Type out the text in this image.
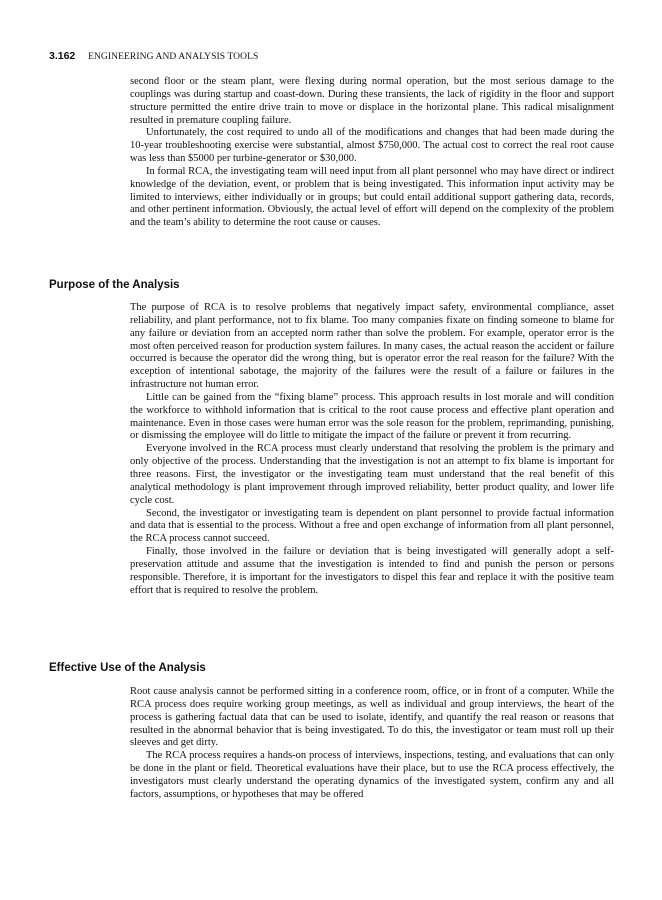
3.162 ENGINEERING AND ANALYSIS TOOLS

second floor or the steam plant, were flexing during normal operation, but the most serious damage to the couplings was during startup and coast-down. During these transients, the lack of rigidity in the floor and support structure permitted the entire drive train to move or displace in the horizontal plane. This radical misalignment resulted in premature coupling failure.

Unfortunately, the cost required to undo all of the modifications and changes that had been made during the 10-year troubleshooting exercise were substantial, almost $750,000. The actual cost to correct the real root cause was less than $5000 per turbine-generator or $30,000.

In formal RCA, the investigating team will need input from all plant personnel who may have direct or indirect knowledge of the deviation, event, or problem that is being investigated. This information input activity may be limited to interviews, either individually or in groups; but could entail additional support gathering data, records, and other pertinent information. Obviously, the actual level of effort will depend on the complexity of the problem and the team’s ability to determine the root cause or causes.

Purpose of the Analysis

The purpose of RCA is to resolve problems that negatively impact safety, environmental compliance, asset reliability, and plant performance, not to fix blame. Too many companies fixate on finding someone to blame for any failure or deviation from an accepted norm rather than solve the problem. For example, operator error is the most often perceived reason for production system failures. In many cases, the actual reason the accident or failure occurred is because the operator did the wrong thing, but is operator error the real reason for the failure? With the exception of intentional sabotage, the majority of the failures were the result of a failure or failures in the infrastructure not human error.

Little can be gained from the “fixing blame” process. This approach results in lost morale and will condition the workforce to withhold information that is critical to the root cause process and effective plant operation and maintenance. Even in those cases were human error was the sole reason for the problem, reprimanding, punishing, or dismissing the employee will do little to mitigate the impact of the failure or prevent it from recurring.

Everyone involved in the RCA process must clearly understand that resolving the problem is the primary and only objective of the process. Understanding that the investigation is not an attempt to fix blame is important for three reasons. First, the investigator or the investigating team must understand that the real benefit of this analytical methodology is plant improvement through improved reliability, better product quality, and lower life cycle cost.

Second, the investigator or investigating team is dependent on plant personnel to provide factual information and data that is essential to the process. Without a free and open exchange of information from all plant personnel, the RCA process cannot succeed.

Finally, those involved in the failure or deviation that is being investigated will generally adopt a self-preservation attitude and assume that the investigation is intended to find and punish the person or persons responsible. Therefore, it is important for the investigators to dispel this fear and replace it with the positive team effort that is required to resolve the problem.

Effective Use of the Analysis

Root cause analysis cannot be performed sitting in a conference room, office, or in front of a computer. While the RCA process does require working group meetings, as well as individual and group interviews, the heart of the process is gathering factual data that can be used to isolate, identify, and quantify the real reason or reasons that resulted in the abnormal behavior that is being investigated. To do this, the investigator or team must roll up their sleeves and get dirty.

The RCA process requires a hands-on process of interviews, inspections, testing, and evaluations that can only be done in the plant or field. Theoretical evaluations have their place, but to use the RCA process effectively, the investigators must clearly understand the operating dynamics of the investigated system, confirm any and all factors, assumptions, or hypotheses that may be offered
